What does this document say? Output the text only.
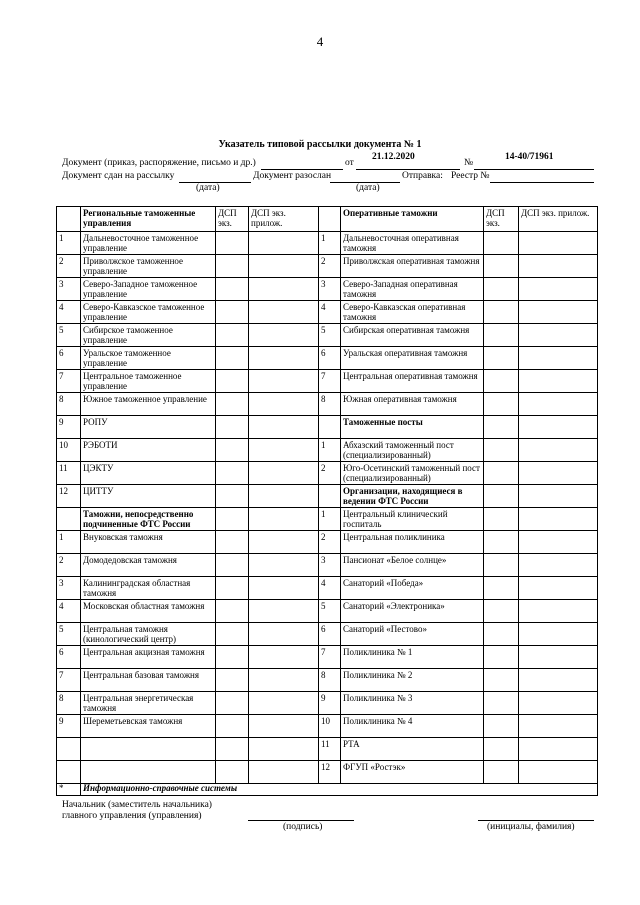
4
Указатель типовой рассылки документа № 1
Документ (приказ, распоряжение, письмо и др.)	от
21.12.2020
№
14-40/71961
Документ сдан на рассылку	Документ разослан	Отправка: Реестр №
(дата)	(дата)
	Региональные таможенные управления	ДСП экз.	ДСП экз. прилож.		Оперативные таможни	ДСП экз.	ДСП экз. прилож.
1	Дальневосточное таможенное управление			1	Дальневосточная оперативная таможня		
2	Приволжское таможенное управление			2	Приволжская оперативная таможня		
3	Северо-Западное таможенное управление			3	Северо-Западная оперативная таможня		
4	Северо-Кавказское таможенное управление			4	Северо-Кавказская оперативная таможня		
5	Сибирское таможенное управление			5	Сибирская оперативная таможня		
6	Уральское таможенное управление			6	Уральская оперативная таможня		
7	Центральное таможенное управление			7	Центральная оперативная таможня		
8	Южное таможенное управление			8	Южная оперативная таможня		
9	РОПУ				Таможенные посты		
10	РЭБОТИ			1	Абхазский таможенный пост (специализированный)		
11	ЦЭКТУ			2	Юго-Осетинский таможенный пост (специализированный)		
12	ЦИТТУ				Организации, находящиеся в ведении ФТС России		
	Таможни, непосредственно подчиненные ФТС России			1	Центральный клинический госпиталь		
1	Внуковская таможня			2	Центральная поликлиника		
2	Домодедовская таможня			3	Пансионат «Белое солнце»		
3	Калининградская областная таможня			4	Санаторий «Победа»		
4	Московская областная таможня			5	Санаторий «Электроника»		
5	Центральная таможня (кинологический центр)			6	Санаторий «Пестово»		
6	Центральная акцизная таможня			7	Поликлиника № 1		
7	Центральная базовая таможня			8	Поликлиника № 2		
8	Центральная энергетическая таможня			9	Поликлиника № 3		
9	Шереметьевская таможня			10	Поликлиника № 4		
				11	РТА		
				12	ФГУП «Ростэк»		
*	Информационно-справочные системы						
Начальник (заместитель начальника)
главного управления (управления)
(подпись)	(инициалы, фамилия)
